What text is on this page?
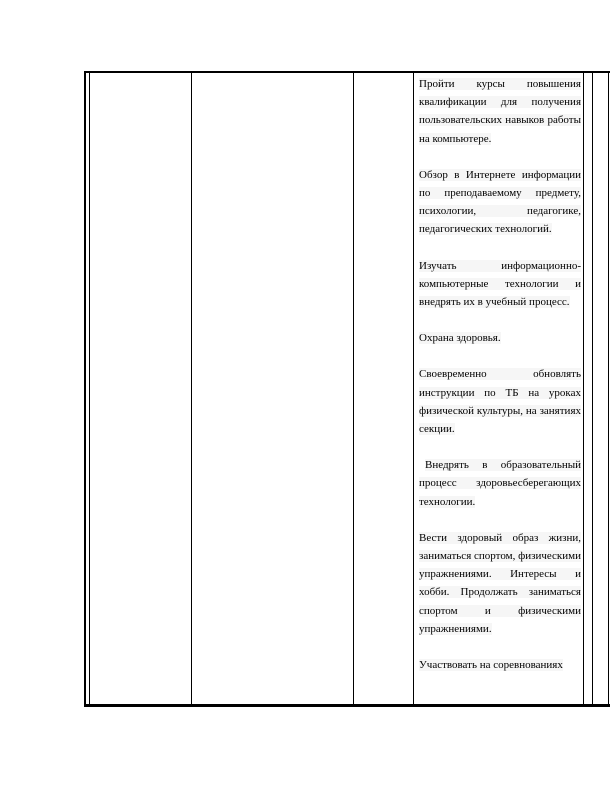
Пройти курсы повышения квалификации для получения пользовательских навыков работы на компьютере.

Обзор в Интернете информации по преподаваемому предмету, психологии, педагогике, педагогических технологий.

Изучать информационно-компьютерные технологии и внедрять их в учебный процесс.

Охрана здоровья.

Своевременно обновлять инструкции по ТБ на уроках физической культуры, на занятиях секции.

Внедрять в образовательный процесс здоровьесберегающих технологии.

Вести здоровый образ жизни, заниматься спортом, физическими упражнениями. Интересы и хобби. Продолжать заниматься спортом и физическими упражнениями.

Участвовать на соревнованиях
